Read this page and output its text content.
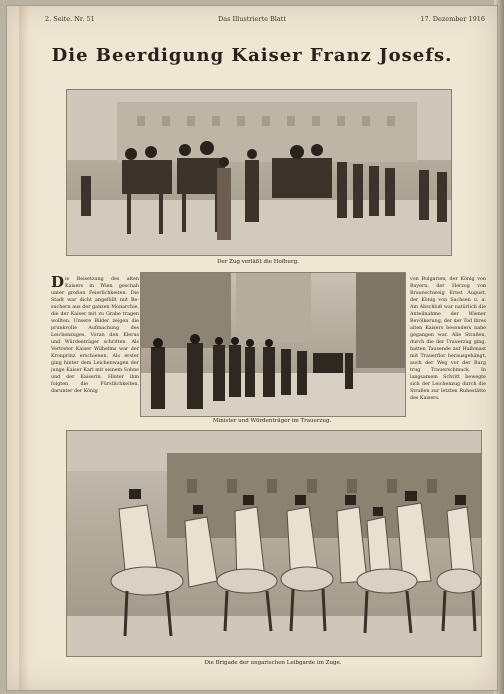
2. Seite. Nr. 51	Das Illustrierte Blatt	17. Dezember 1916
Die Beerdigung Kaiser Franz Josefs.
Der Zug verläßt die Hofburg.
Die Beisetzung des alten Kaisers in Wien geschah unter großen Feierlichkeiten. Die Stadt war dicht angefüllt mit Besuchern aus der ganzen Monarchie, die der Kaiser mit zu Grabe tragen wollten. Unsere Bilder zeigen die prunkvolle Aufmachung des Leichenzuges. Voran den Klerus und Würdenträger schritten. Als Vertreter Kaiser Wilhelms war der Kronprinz erschienen. Als erster ging hinter dem Leichenwagen der junge Kaiser Karl mit seinem Sohne und der Kaiserin. Hinter ihm folgten die Fürstlichkeiten, darunter der König
Minister und Würdenträger im Trauerzug.
von Bulgarien, der König von Bayern, der Herzog von Braunschweig Ernst August, der König von Sachsen u. a. Am Abschluß war natürlich die Anteilnahme der Wiener Bevölkerung, der der Tod ihres alten Kaisers besonders nahe gegangen war. Alle Straßen, durch die der Trauerzug ging, hatten Tausende auf Halbmast mit Trauerflor herausgehängt, auch der Weg vor der Burg trug Trauerschmuck. In langsamem Schritt bewegte sich der Leichenzug durch die Straßen zur letzten Ruhestätte des Kaisers.
Die Brigade der ungarischen Leibgarde im Zuge.
